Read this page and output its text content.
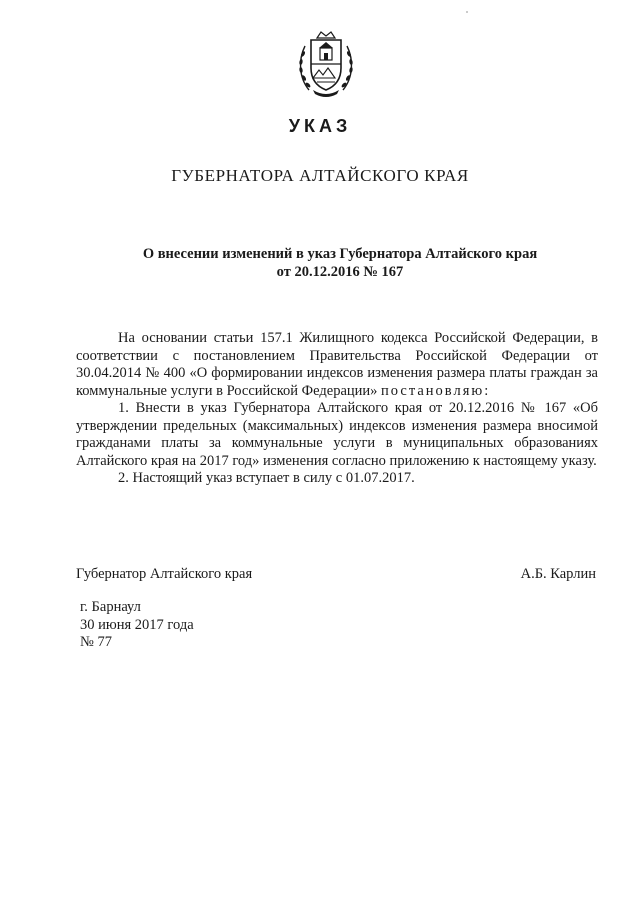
УКАЗ
ГУБЕРНАТОРА АЛТАЙСКОГО КРАЯ
О внесении изменений в указ Губернатора Алтайского края
от 20.12.2016 № 167

На основании статьи 157.1 Жилищного кодекса Российской Федерации, в соответствии с постановлением Правительства Российской Федерации от 30.04.2014 № 400 «О формировании индексов изменения размера платы граждан за коммунальные услуги в Российской Федерации» постановляю:

1. Внести в указ Губернатора Алтайского края от 20.12.2016 № 167 «Об утверждении предельных (максимальных) индексов изменения размера вносимой гражданами платы за коммунальные услуги в муниципальных образованиях Алтайского края на 2017 год» изменения согласно приложению к настоящему указу.

2. Настоящий указ вступает в силу с 01.07.2017.

Губернатор Алтайского края	А.Б. Карлин
г. Барнаул
30 июня 2017 года
№ 77
